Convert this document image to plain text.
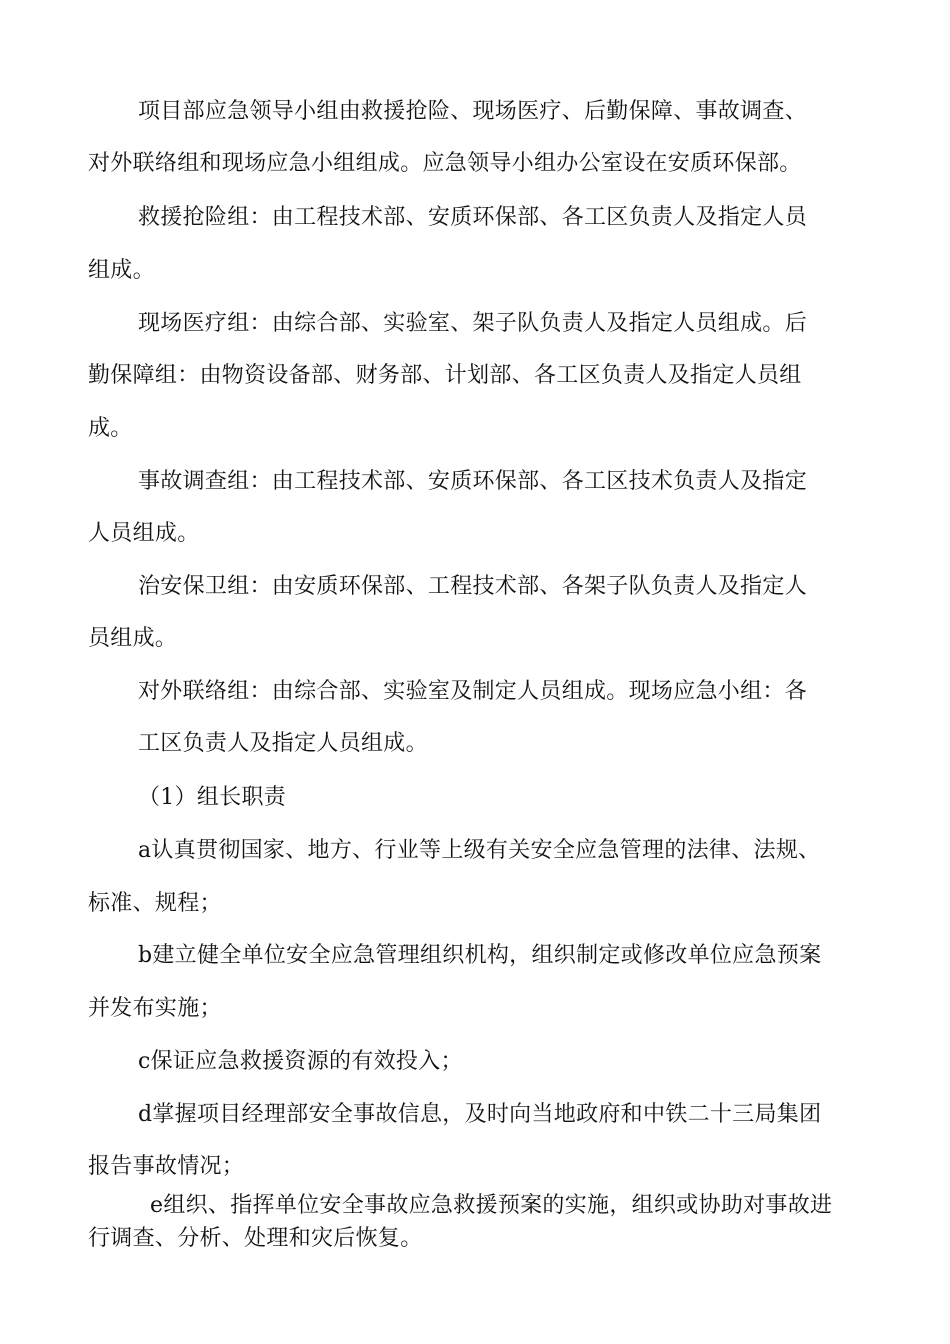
项目部应急领导小组由救援抢险、现场医疗、后勤保障、事故调查、
对外联络组和现场应急小组组成。应急领导小组办公室设在安质环保部。
救援抢险组：由工程技术部、安质环保部、各工区负责人及指定人员
组成。
现场医疗组：由综合部、实验室、架子队负责人及指定人员组成。后
勤保障组：由物资设备部、财务部、计划部、各工区负责人及指定人员组
成。
事故调查组：由工程技术部、安质环保部、各工区技术负责人及指定
人员组成。
治安保卫组：由安质环保部、工程技术部、各架子队负责人及指定人
员组成。
对外联络组：由综合部、实验室及制定人员组成。现场应急小组：各
工区负责人及指定人员组成。
（1）组长职责
a认真贯彻国家、地方、行业等上级有关安全应急管理的法律、法规、
标准、规程；
b建立健全单位安全应急管理组织机构，组织制定或修改单位应急预案
并发布实施；
c保证应急救援资源的有效投入；
d掌握项目经理部安全事故信息，及时向当地政府和中铁二十三局集团
报告事故情况；
e组织、指挥单位安全事故应急救援预案的实施，组织或协助对事故进
行调查、分析、处理和灾后恢复。
